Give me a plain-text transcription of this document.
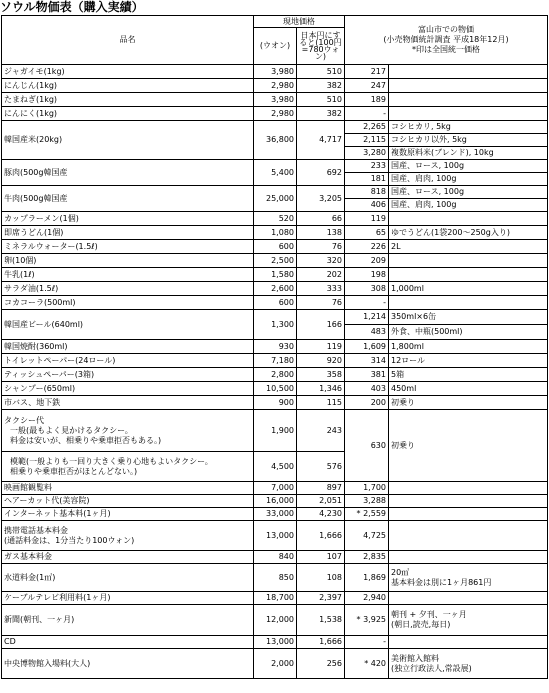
ソウル物価表（購入実績）
品名	現地価格		富山市での物価
(小売物価統計調査 平成18年12月)
*印は全国統一価格	

	(ウオン)	日本円にすると(100円=780ウォン)		
ジャガイモ(1kg)	3,980	510	217	
にんじん(1kg)	2,980	382	247	
たまねぎ(1kg)	3,980	510	189	
にんにく(1kg)	2,980	382	-	
韓国産米(20kg)	36,800	4,717	2,265	コシヒカリ, 5kg
			2,115	コシヒカリ以外, 5kg
			3,280	複数原料米(ブレンド), 10kg
豚肉(500g韓国産	5,400	692	233	国産、ロース, 100g
			181	国産、肩肉, 100g
牛肉(500g韓国産	25,000	3,205	818	国産、ロース, 100g
			406	国産、肩肉, 100g
カップラーメン(1個)	520	66	119	
即席うどん(1個)	1,080	138	65	ゆでうどん(1袋200～250g入り)
ミネラルウォーター(1.5ℓ)	600	76	226	2L
卵(10個)	2,500	320	209	
牛乳(1ℓ)	1,580	202	198	
サラダ油(1.5ℓ)	2,600	333	308	1,000ml
コカコーラ(500ml)	600	76	-	
韓国産ビール(640ml)	1,300	166	1,214	350ml×6缶
			483	外食、中瓶(500ml)
韓国焼酎(360ml)	930	119	1,609	1,800ml
トイレットペーパー(24ロール)	7,180	920	314	12ロール
ティッシュペーパー(3箱)	2,800	358	381	5箱
シャンプー(650ml)	10,500	1,346	403	450ml
市バス、地下鉄	900	115	200	初乗り

タクシー代
一般(最もよく見かけるタクシー。
料金は安いが、相乗りや乗車拒否もある。)	1,900	243	630	初乗り

模範(一般よりも一回り大きく乗り心地もよいタクシー。
相乗りや乗車拒否がほとんどない。)	4,500	576		
映画館観覧料	7,000	897	1,700	
ヘアーカット代(美容院)	16,000	2,051	3,288	
インターネット基本料(1ヶ月)	33,000	4,230	* 2,559	

携帯電話基本料金
(通話料金は、1分当たり100ウォン)	13,000	1,666	4,725	
ガス基本料金	840	107	2,835	
水道料金(1㎥)	850	108	1,869	20㎥
基本料金は別に1ヶ月861円

ケーブルテレビ利用料(1ヶ月)	18,700	2,397	2,940	
新聞(朝刊、一ヶ月)	12,000	1,538	* 3,925	朝刊 + 夕刊、一ヶ月
(朝日,読売,毎日)

CD	13,000	1,666	-	
中央博物館入場料(大人)	2,000	256	* 420	美術館入館料
(独立行政法人,常設展)
